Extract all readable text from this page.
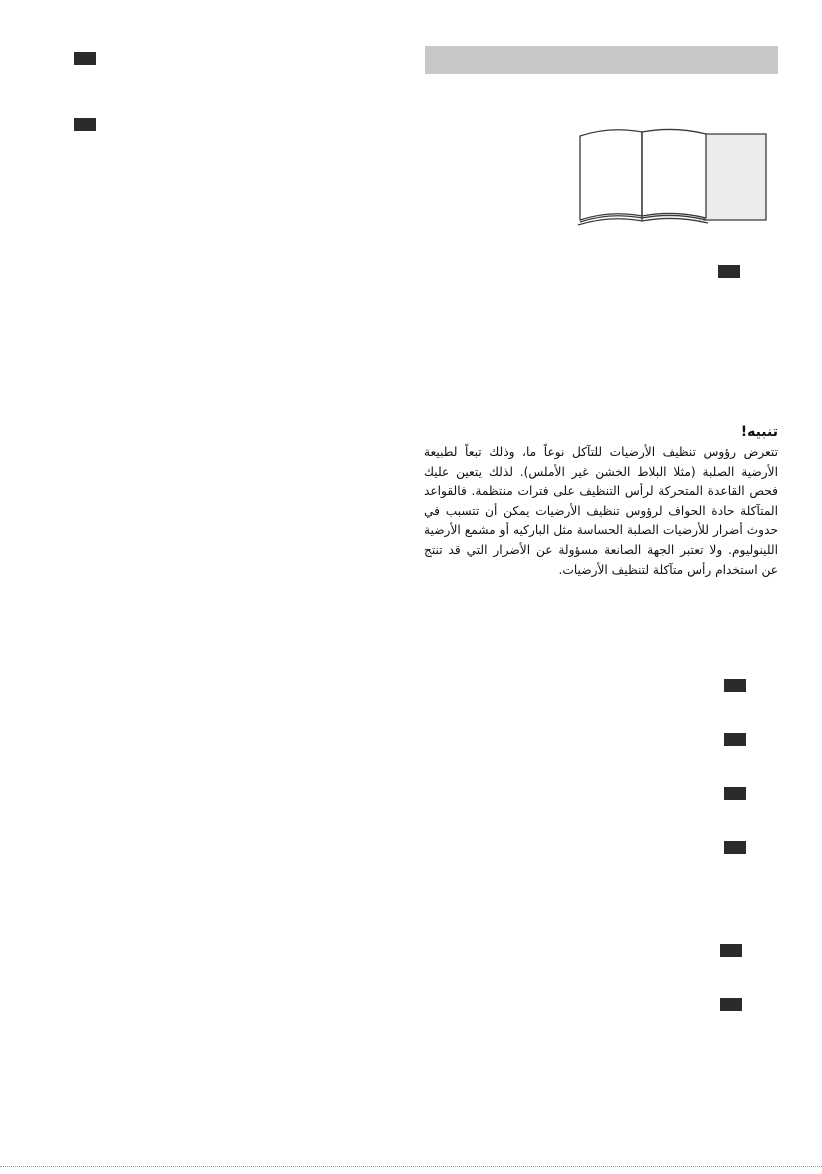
تنبيه!

تتعرض رؤوس تنظيف الأرضيات للتآكل نوعاً ما، وذلك تبعاً لطبيعة الأرضية الصلبة (مثلا البلاط الخشن غير الأملس). لذلك يتعين عليك فحص القاعدة المتحركة لرأس التنظيف على فترات منتظمة. فالقواعد المتآكلة حادة الحواف لرؤوس تنظيف الأرضيات يمكن أن تتسبب في حدوث أضرار للأرضيات الصلبة الحساسة مثل الباركيه أو مشمع الأرضية اللينوليوم. ولا تعتبر الجهة الصانعة مسؤولة عن الأضرار التي قد تنتج عن استخدام رأس متآكلة لتنظيف الأرضيات.
